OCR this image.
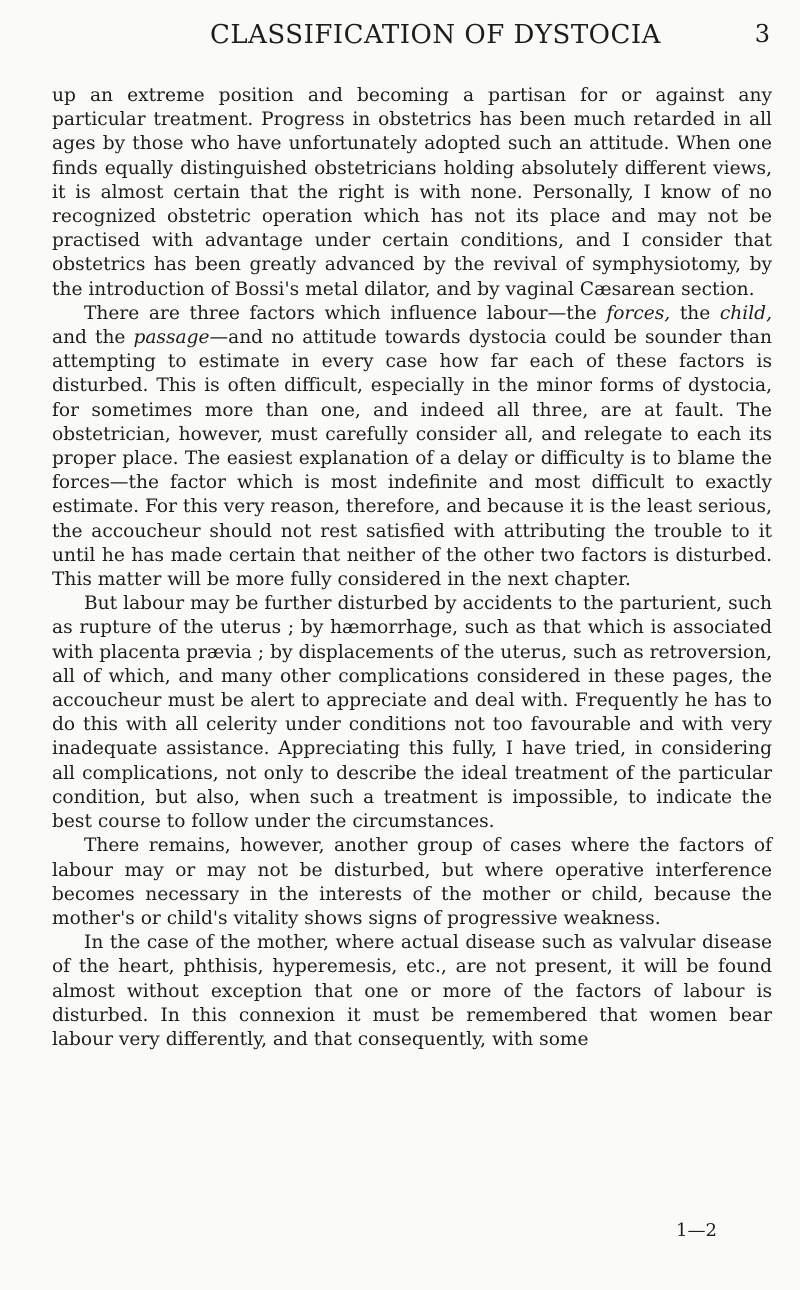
CLASSIFICATION OF DYSTOCIA	3

up an extreme position and becoming a partisan for or against any particular treatment. Progress in obstetrics has been much retarded in all ages by those who have unfortunately adopted such an attitude. When one finds equally distinguished obstetricians holding absolutely different views, it is almost certain that the right is with none. Personally, I know of no recognized obstetric operation which has not its place and may not be practised with advantage under certain conditions, and I consider that obstetrics has been greatly advanced by the revival of symphysiotomy, by the introduction of Bossi's metal dilator, and by vaginal Cæsarean section.

There are three factors which influence labour—the forces, the child, and the passage—and no attitude towards dystocia could be sounder than attempting to estimate in every case how far each of these factors is disturbed. This is often difficult, especially in the minor forms of dystocia, for sometimes more than one, and indeed all three, are at fault. The obstetrician, however, must carefully consider all, and relegate to each its proper place. The easiest explanation of a delay or difficulty is to blame the forces—the factor which is most indefinite and most difficult to exactly estimate. For this very reason, therefore, and because it is the least serious, the accoucheur should not rest satisfied with attributing the trouble to it until he has made certain that neither of the other two factors is disturbed. This matter will be more fully considered in the next chapter.

But labour may be further disturbed by accidents to the parturient, such as rupture of the uterus ; by hæmorrhage, such as that which is associated with placenta prævia ; by displacements of the uterus, such as retroversion, all of which, and many other complications considered in these pages, the accoucheur must be alert to appreciate and deal with. Frequently he has to do this with all celerity under conditions not too favourable and with very inadequate assistance. Appreciating this fully, I have tried, in considering all complications, not only to describe the ideal treatment of the particular condition, but also, when such a treatment is impossible, to indicate the best course to follow under the circumstances.

There remains, however, another group of cases where the factors of labour may or may not be disturbed, but where operative interference becomes necessary in the interests of the mother or child, because the mother's or child's vitality shows signs of progressive weakness.

In the case of the mother, where actual disease such as valvular disease of the heart, phthisis, hyperemesis, etc., are not present, it will be found almost without exception that one or more of the factors of labour is disturbed. In this connexion it must be remembered that women bear labour very differently, and that consequently, with some

1—2
